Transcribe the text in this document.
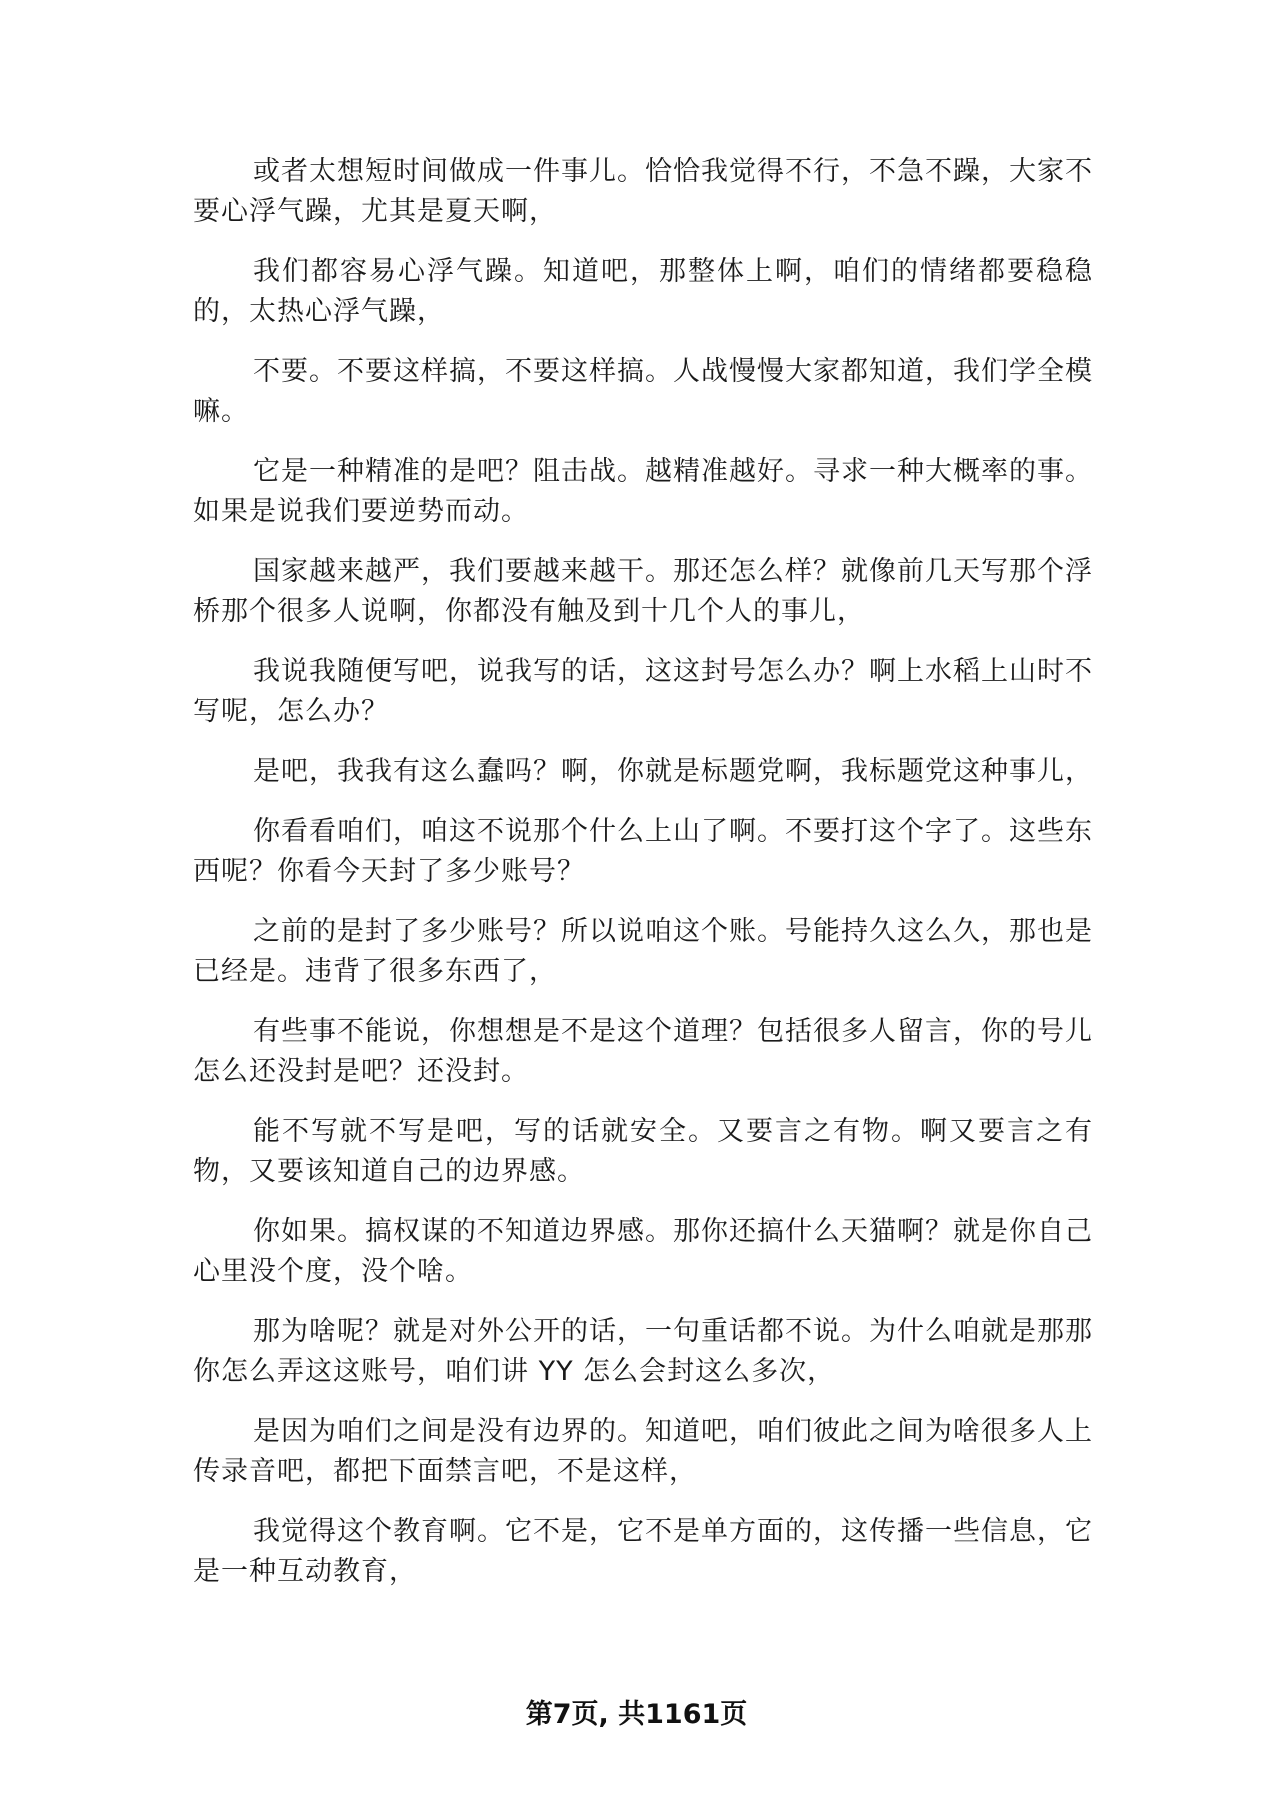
或者太想短时间做成一件事儿。恰恰我觉得不行，不急不躁，大家不要心浮气躁，尤其是夏天啊，

我们都容易心浮气躁。知道吧，那整体上啊，咱们的情绪都要稳稳的，太热心浮气躁，

不要。不要这样搞，不要这样搞。人战慢慢大家都知道，我们学全模嘛。

它是一种精准的是吧？阻击战。越精准越好。寻求一种大概率的事。如果是说我们要逆势而动。

国家越来越严，我们要越来越干。那还怎么样？就像前几天写那个浮桥那个很多人说啊，你都没有触及到十几个人的事儿，

我说我随便写吧，说我写的话，这这封号怎么办？啊上水稻上山时不写呢，怎么办？

是吧，我我有这么蠢吗？啊，你就是标题党啊，我标题党这种事儿，

你看看咱们，咱这不说那个什么上山了啊。不要打这个字了。这些东西呢？你看今天封了多少账号？

之前的是封了多少账号？所以说咱这个账。号能持久这么久，那也是已经是。违背了很多东西了，

有些事不能说，你想想是不是这个道理？包括很多人留言，你的号儿怎么还没封是吧？还没封。

能不写就不写是吧，写的话就安全。又要言之有物。啊又要言之有物，又要该知道自己的边界感。

你如果。搞权谋的不知道边界感。那你还搞什么天猫啊？就是你自己心里没个度，没个啥。

那为啥呢？就是对外公开的话，一句重话都不说。为什么咱就是那那你怎么弄这这账号，咱们讲 YY 怎么会封这么多次，

是因为咱们之间是没有边界的。知道吧，咱们彼此之间为啥很多人上传录音吧，都把下面禁言吧，不是这样，

我觉得这个教育啊。它不是，它不是单方面的，这传播一些信息，它是一种互动教育，

第7页, 共1161页
